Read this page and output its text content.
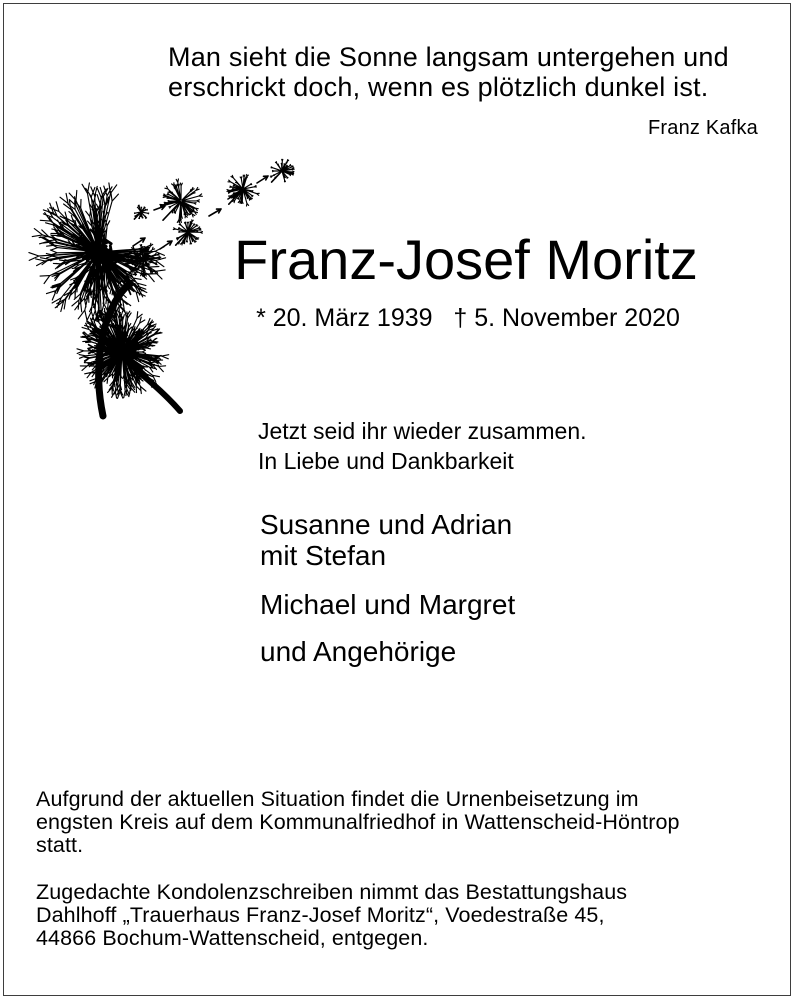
Man sieht die Sonne langsam untergehen und
erschrickt doch, wenn es plötzlich dunkel ist.
Franz Kafka
Franz-Josef Moritz
* 20. März 1939   † 5. November 2020
Jetzt seid ihr wieder zusammen.
In Liebe und Dankbarkeit
Susanne und Adrian
mit Stefan
Michael und Margret
und Angehörige
Aufgrund der aktuellen Situation findet die Urnenbeisetzung im
engsten Kreis auf dem Kommunalfriedhof in Wattenscheid-Höntrop
statt.
Zugedachte Kondolenzschreiben nimmt das Bestattungshaus
Dahlhoff „Trauerhaus Franz-Josef Moritz“, Voedestraße 45,
44866 Bochum-Wattenscheid, entgegen.
